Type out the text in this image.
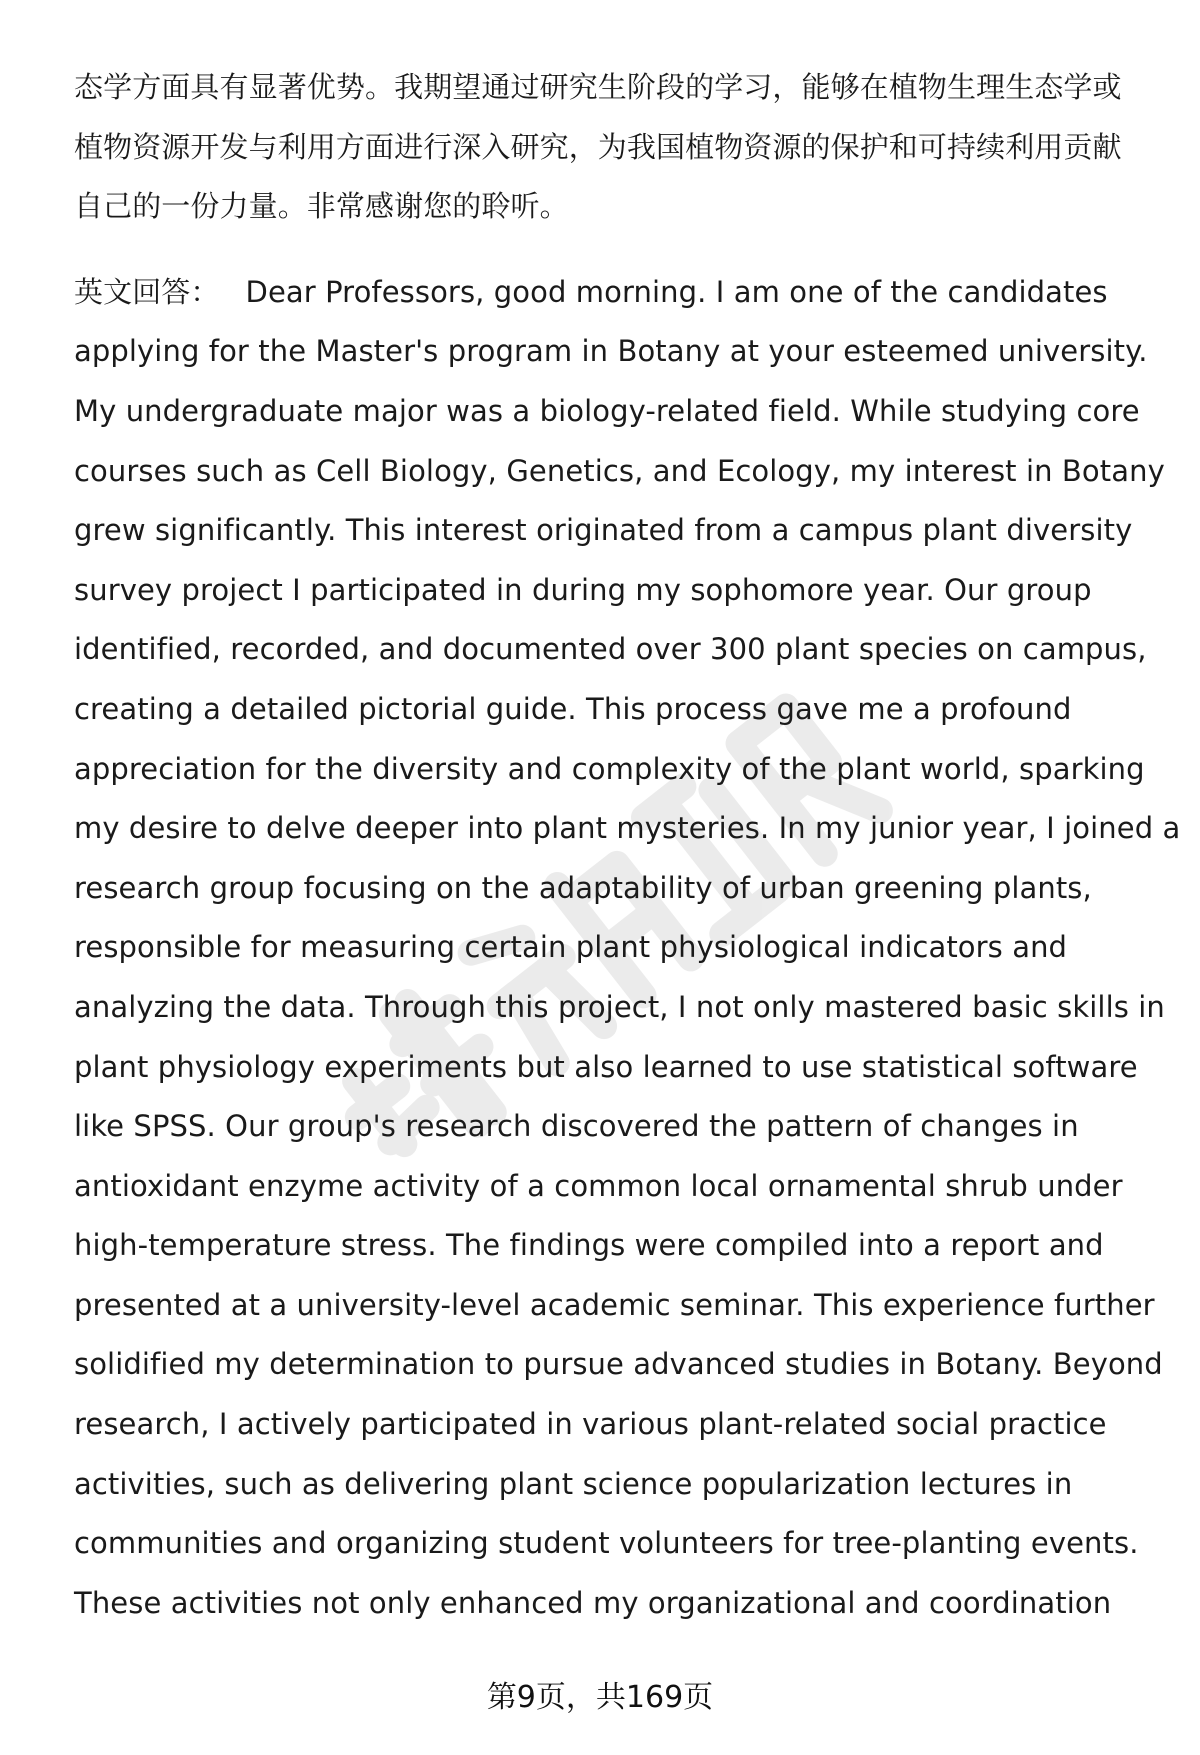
态学方面具有显著优势。我期望通过研究生阶段的学习，能够在植物生理生态学或
植物资源开发与利用方面进行深入研究，为我国植物资源的保护和可持续利用贡献
自己的一份力量。非常感谢您的聆听。

英文回答： Dear Professors, good morning. I am one of the candidates
applying for the Master's program in Botany at your esteemed university.
My undergraduate major was a biology-related field. While studying core
courses such as Cell Biology, Genetics, and Ecology, my interest in Botany
grew significantly. This interest originated from a campus plant diversity
survey project I participated in during my sophomore year. Our group
identified, recorded, and documented over 300 plant species on campus,
creating a detailed pictorial guide. This process gave me a profound
appreciation for the diversity and complexity of the plant world, sparking
my desire to delve deeper into plant mysteries. In my junior year, I joined a
research group focusing on the adaptability of urban greening plants,
responsible for measuring certain plant physiological indicators and
analyzing the data. Through this project, I not only mastered basic skills in
plant physiology experiments but also learned to use statistical software
like SPSS. Our group's research discovered the pattern of changes in
antioxidant enzyme activity of a common local ornamental shrub under
high-temperature stress. The findings were compiled into a report and
presented at a university-level academic seminar. This experience further
solidified my determination to pursue advanced studies in Botany. Beyond
research, I actively participated in various plant-related social practice
activities, such as delivering plant science popularization lectures in
communities and organizing student volunteers for tree-planting events.
These activities not only enhanced my organizational and coordination

第9页，共169页
